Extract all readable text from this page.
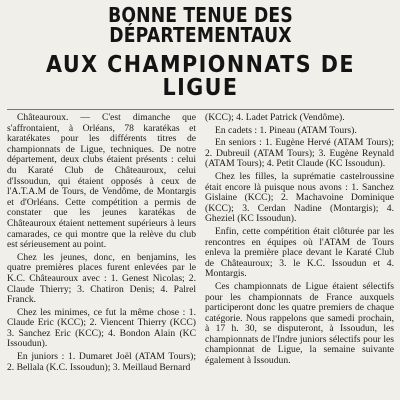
BONNE TENUE DES DÉPARTEMENTAUX
AUX CHAMPIONNATS DE LIGUE

Châteauroux. — C'est dimanche que s'affrontaient, à Orléans, 78 karatékas et karatékates pour les différents titres de championnats de Ligue, techniques. De notre département, deux clubs étaient présents : celui du Karaté Club de Châteauroux, celui d'Issoudun, qui étaient opposés à ceux de l'A.T.A.M de Tours, de Vendôme, de Montargis et d'Orléans. Cette compétition a permis de constater que les jeunes karatékas de Châteauroux étaient nettement supérieurs à leurs camarades, ce qui montre que la relève du club est sérieusement au point.

Chez les jeunes, donc, en benjamins, les quatre premières places furent enlevées par le K.C. Châteauroux avec : 1. Genest Nicolas; 2. Claude Thierry; 3. Chatiron Denis; 4. Palrel Franck.

Chez les minimes, ce fut la même chose : 1. Claude Eric (KCC); 2. Viencent Thierry (KCC) 3. Sanchez Eric (KCC); 4. Bondon Alain (KC Issoudun).

En juniors : 1. Dumaret Joël (ATAM Tours); 2. Bellala (K.C. Issoudun); 3. Meillaud Bernard

(KCC); 4. Ladet Patrick (Vendôme).

En cadets : 1. Pineau (ATAM Tours).

En seniors : 1. Eugène Hervé (ATAM Tours); 2. Dubreuil (ATAM Tours); 3. Eugène Reynald (ATAM Tours); 4. Petit Claude (KC Issoudun).

Chez les filles, la suprématie castelroussine était encore là puisque nous avons : 1. Sanchez Gislaine (KCC); 2. Machavoine Dominique (KCC); 3. Cerdan Nadine (Montargis); 4. Gheziel (KC Issoudun).

Enfin, cette compétition était clôturée par les rencontres en équipes où l'ATAM de Tours enleva la première place devant le Karaté Club de Châteauroux; 3. le K.C. Issoudun et 4. Montargis.

Ces championnats de Ligue étaient sélectifs pour les championnats de France auxquels participeront donc les quatre premiers de chaque catégorie. Nous rappelons que samedi prochain, à 17 h. 30, se disputeront, à Issoudun, les championnats de l'Indre juniors sélectifs pour les championnat de Ligue, la semaine suivante également à Issoudun.
